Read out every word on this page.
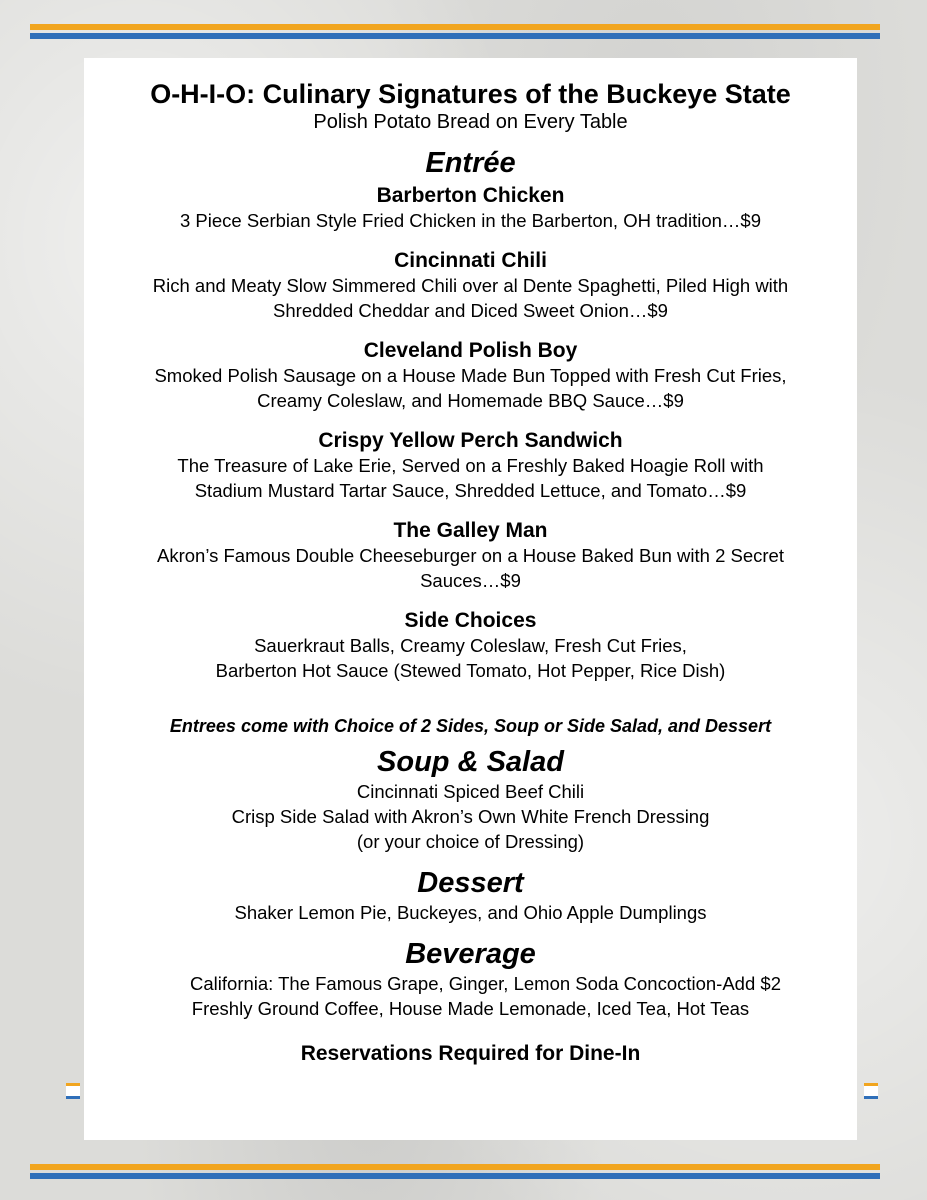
O-H-I-O: Culinary Signatures of the Buckeye State
Polish Potato Bread on Every Table
Entrée
Barberton Chicken
3 Piece Serbian Style Fried Chicken in the Barberton, OH tradition…$9
Cincinnati Chili
Rich and Meaty Slow Simmered Chili over al Dente Spaghetti, Piled High with
Shredded Cheddar and Diced Sweet Onion…$9
Cleveland Polish Boy
Smoked Polish Sausage on a House Made Bun Topped with Fresh Cut Fries,
Creamy Coleslaw, and Homemade BBQ Sauce…$9
Crispy Yellow Perch Sandwich
The Treasure of Lake Erie, Served on a Freshly Baked Hoagie Roll with
Stadium Mustard Tartar Sauce, Shredded Lettuce, and Tomato…$9
The Galley Man
Akron’s Famous Double Cheeseburger on a House Baked Bun with 2 Secret
Sauces…$9
Side Choices
Sauerkraut Balls, Creamy Coleslaw, Fresh Cut Fries,
Barberton Hot Sauce (Stewed Tomato, Hot Pepper, Rice Dish)
Entrees come with Choice of 2 Sides, Soup or Side Salad, and Dessert
Soup & Salad
Cincinnati Spiced Beef Chili
Crisp Side Salad with Akron’s Own White French Dressing
(or your choice of Dressing)
Dessert
Shaker Lemon Pie, Buckeyes, and Ohio Apple Dumplings
Beverage
California: The Famous Grape, Ginger, Lemon Soda Concoction-Add $2
Freshly Ground Coffee, House Made Lemonade, Iced Tea, Hot Teas
Reservations Required for Dine-In
